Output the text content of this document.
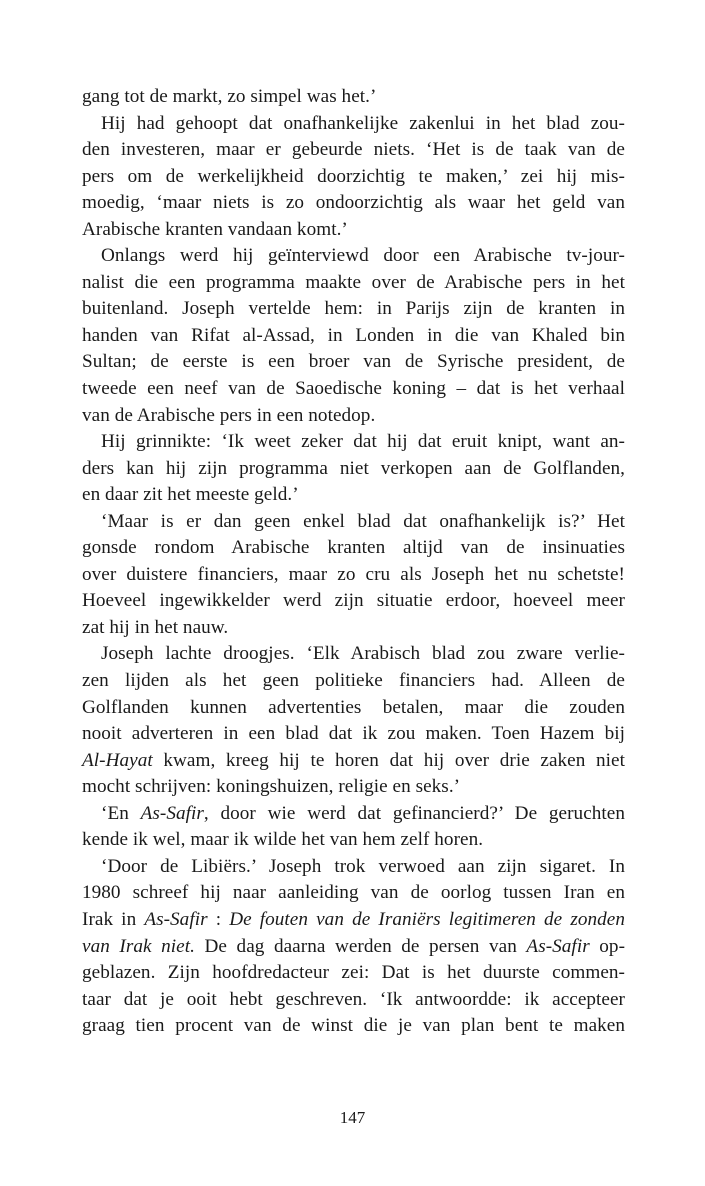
gang tot de markt, zo simpel was het.’
Hij had gehoopt dat onafhankelijke zakenlui in het blad zou-
den investeren, maar er gebeurde niets. ‘Het is de taak van de
pers om de werkelijkheid doorzichtig te maken,’ zei hij mis-
moedig, ‘maar niets is zo ondoorzichtig als waar het geld van
Arabische kranten vandaan komt.’
Onlangs werd hij geïnterviewd door een Arabische tv-jour-
nalist die een programma maakte over de Arabische pers in het
buitenland. Joseph vertelde hem: in Parijs zijn de kranten in
handen van Rifat al-Assad, in Londen in die van Khaled bin
Sultan; de eerste is een broer van de Syrische president, de
tweede een neef van de Saoedische koning – dat is het verhaal
van de Arabische pers in een notedop.
Hij grinnikte: ‘Ik weet zeker dat hij dat eruit knipt, want an-
ders kan hij zijn programma niet verkopen aan de Golflanden,
en daar zit het meeste geld.’
‘Maar is er dan geen enkel blad dat onafhankelijk is?’ Het
gonsde rondom Arabische kranten altijd van de insinuaties
over duistere financiers, maar zo cru als Joseph het nu schetste!
Hoeveel ingewikkelder werd zijn situatie erdoor, hoeveel meer
zat hij in het nauw.
Joseph lachte droogjes. ‘Elk Arabisch blad zou zware verlie-
zen lijden als het geen politieke financiers had. Alleen de
Golflanden kunnen advertenties betalen, maar die zouden
nooit adverteren in een blad dat ik zou maken. Toen Hazem bij
Al-Hayat kwam, kreeg hij te horen dat hij over drie zaken niet
mocht schrijven: koningshuizen, religie en seks.’
‘En As-Safir, door wie werd dat gefinancierd?’ De geruchten
kende ik wel, maar ik wilde het van hem zelf horen.
‘Door de Libiërs.’ Joseph trok verwoed aan zijn sigaret. In
1980 schreef hij naar aanleiding van de oorlog tussen Iran en
Irak in As-Safir : De fouten van de Iraniërs legitimeren de zonden
van Irak niet. De dag daarna werden de persen van As-Safir op-
geblazen. Zijn hoofdredacteur zei: Dat is het duurste commen-
taar dat je ooit hebt geschreven. ‘Ik antwoordde: ik accepteer
graag tien procent van de winst die je van plan bent te maken
147
